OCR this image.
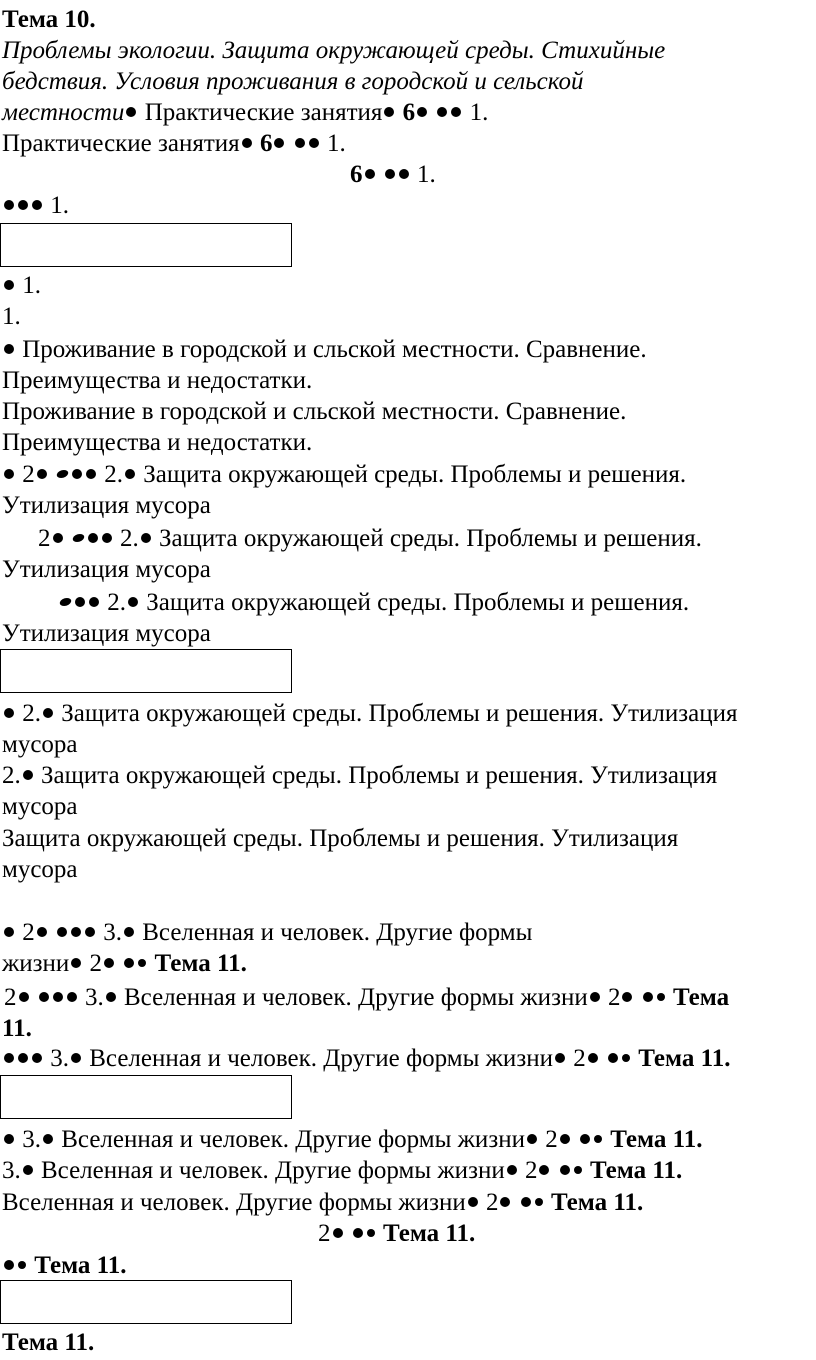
Тема 10.
Проблемы экологии. Защита окружающей среды. Стихийные
бедствия. Условия проживания в городской и сельской
местности Практические занятия 6 1.
Практические занятия 6 1.
6 1.
1.
1.
1.
Проживание в городской и сльской местности. Сравнение.
Преимущества и недостатки.
Проживание в городской и сльской местности. Сравнение.
Преимущества и недостатки.
2	2. Защита окружающей среды. Проблемы и решения.
Утилизация мусора
2	2. Защита окружающей среды. Проблемы и решения.
Утилизация мусора
2. Защита окружающей среды. Проблемы и решения.
Утилизация мусора
2. Защита окружающей среды. Проблемы и решения. Утилизация
мусора
2. Защита окружающей среды. Проблемы и решения. Утилизация
мусора
Защита окружающей среды. Проблемы и решения. Утилизация
мусора
2	3. Вселенная и человек. Другие формы
жизни 2 Тема 11.
2	3. Вселенная и человек. Другие формы жизни 2 Тема
11.
3. Вселенная и человек. Другие формы жизни 2 Тема 11.
3. Вселенная и человек. Другие формы жизни 2 Тема 11.
3. Вселенная и человек. Другие формы жизни 2 Тема 11.
Вселенная и человек. Другие формы жизни 2 Тема 11.
2 Тема 11.
Тема 11.
Тема 11.
